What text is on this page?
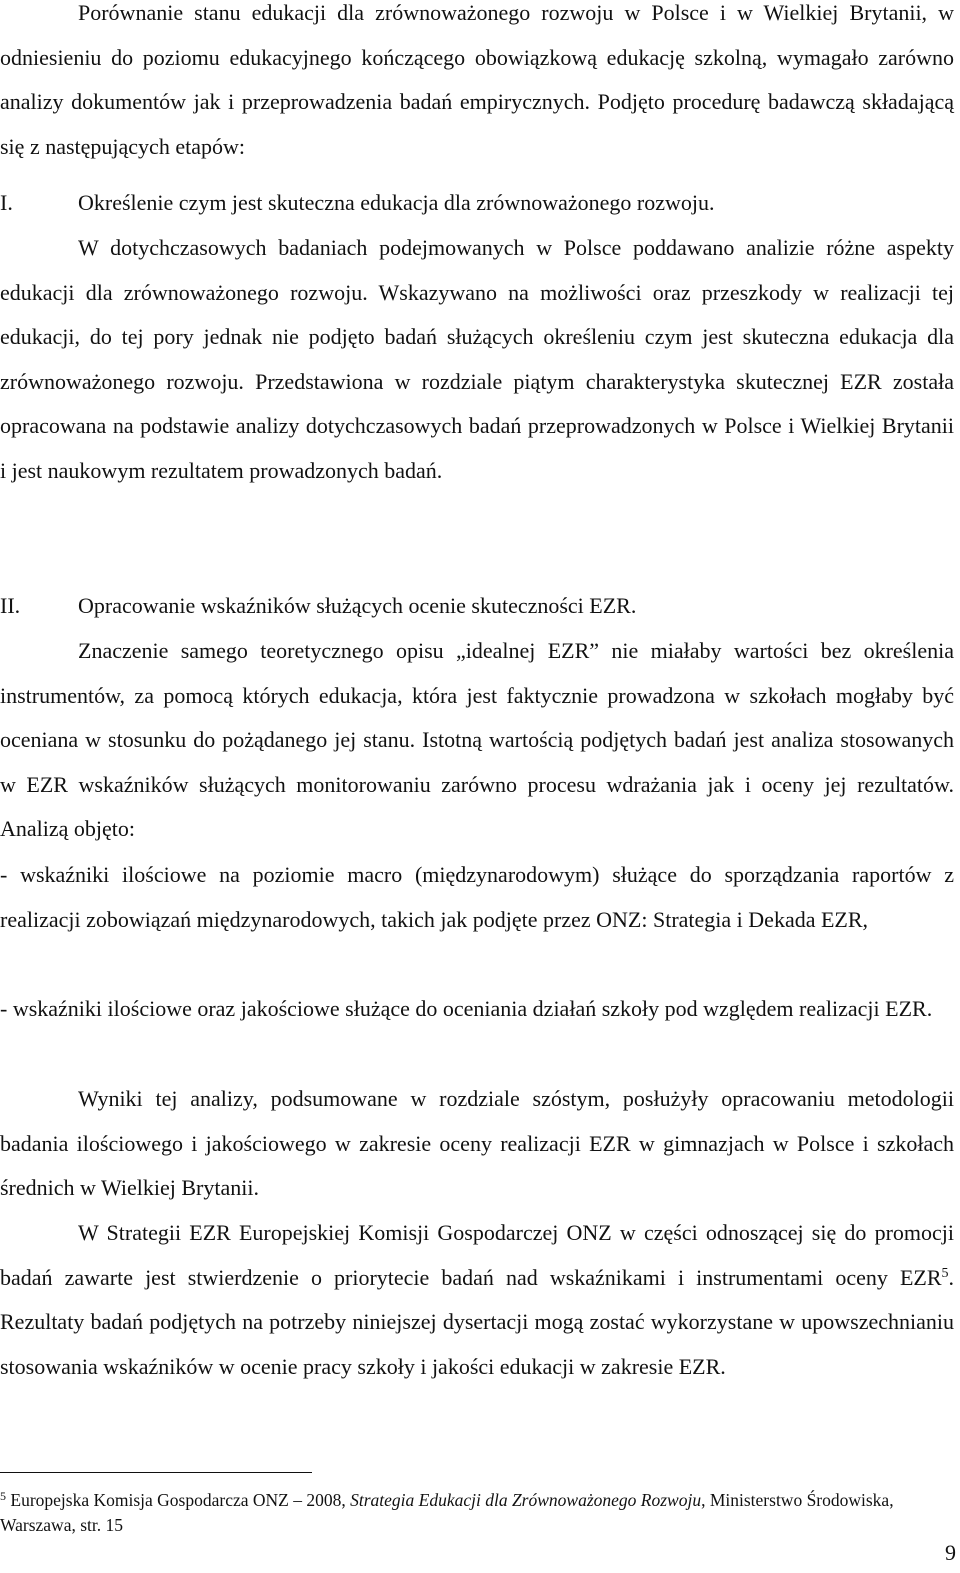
Porównanie stanu edukacji dla zrównoważonego rozwoju w Polsce i w Wielkiej Brytanii, w odniesieniu do poziomu edukacyjnego kończącego obowiązkową edukację szkolną, wymagało zarówno analizy dokumentów jak i przeprowadzenia badań empirycznych. Podjęto procedurę badawczą składającą się z następujących etapów:

I.	Określenie czym jest skuteczna edukacja dla zrównoważonego rozwoju.

W dotychczasowych badaniach podejmowanych w Polsce poddawano analizie różne aspekty edukacji dla zrównoważonego rozwoju. Wskazywano na możliwości oraz przeszkody w realizacji tej edukacji, do tej pory jednak nie podjęto badań służących określeniu czym jest skuteczna edukacja dla zrównoważonego rozwoju. Przedstawiona w rozdziale piątym charakterystyka skutecznej EZR została opracowana na podstawie analizy dotychczasowych badań przeprowadzonych w Polsce i Wielkiej Brytanii i jest naukowym rezultatem prowadzonych badań.

II.	Opracowanie wskaźników służących ocenie skuteczności EZR.

Znaczenie samego teoretycznego opisu „idealnej EZR” nie miałaby wartości bez określenia instrumentów, za pomocą których edukacja, która jest faktycznie prowadzona w szkołach mogłaby być oceniana w stosunku do pożądanego jej stanu. Istotną wartością podjętych badań jest analiza stosowanych w EZR wskaźników służących monitorowaniu zarówno procesu wdrażania jak i oceny jej rezultatów. Analizą objęto:

- wskaźniki ilościowe na poziomie macro (międzynarodowym) służące do sporządzania raportów z realizacji zobowiązań międzynarodowych, takich jak podjęte przez ONZ: Strategia i Dekada EZR,

- wskaźniki ilościowe oraz jakościowe służące do oceniania działań szkoły pod względem realizacji EZR.

Wyniki tej analizy, podsumowane w rozdziale szóstym, posłużyły opracowaniu metodologii badania ilościowego i jakościowego w zakresie oceny realizacji EZR w gimnazjach w Polsce i szkołach średnich w Wielkiej Brytanii.

W Strategii EZR Europejskiej Komisji Gospodarczej ONZ w części odnoszącej się do promocji badań zawarte jest stwierdzenie o priorytecie badań nad wskaźnikami i instrumentami oceny EZR$^5$. Rezultaty badań podjętych na potrzeby niniejszej dysertacji mogą zostać wykorzystane w upowszechnianiu stosowania wskaźników w ocenie pracy szkoły i jakości edukacji w zakresie EZR.

$^5$ Europejska Komisja Gospodarcza ONZ – 2008, Strategia Edukacji dla Zrównoważonego Rozwoju, Ministerstwo Środowiska, Warszawa, str. 15

9
